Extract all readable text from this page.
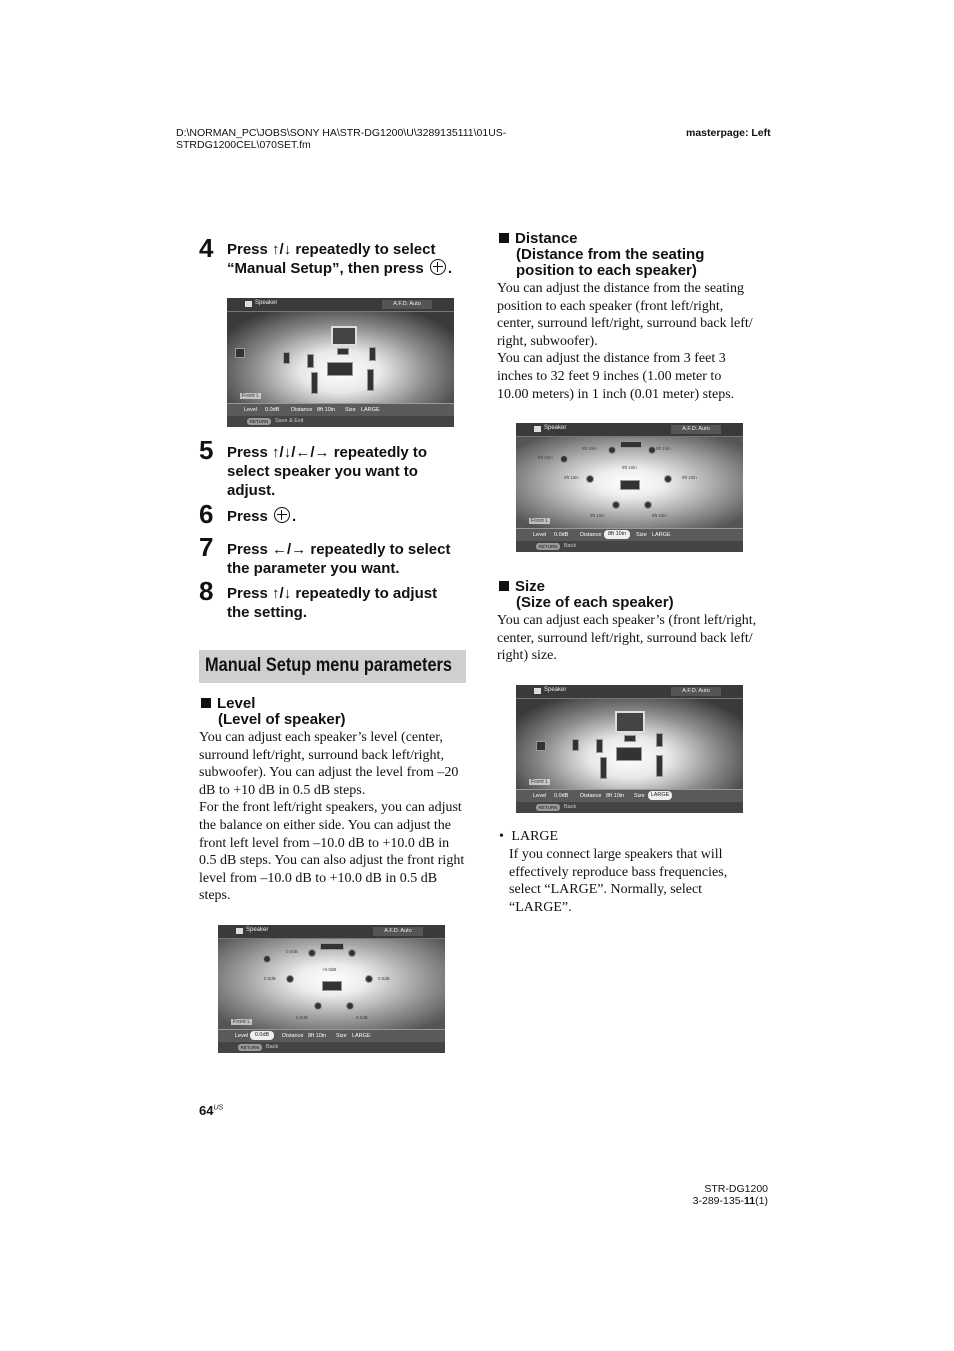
D:\NORMAN_PC\JOBS\SONY HA\STR-DG1200\U\3289135111\01US-
STRDG1200CEL\070SET.fm
masterpage: Left
4 Press ↑/↓ repeatedly to select
“Manual Setup”, then press .
Speaker	A.F.D. Auto
Front L
Level 0.0dB Distance 8ft 10in Size LARGE
RETURN	Save & Exit
5 Press ↑/↓/←/→ repeatedly to
select speaker you want to
adjust.
6 Press .
7 Press ←/→ repeatedly to select
the parameter you want.
8 Press ↑/↓ repeatedly to adjust
the setting.
Manual Setup menu parameters
Level
(Level of speaker)
You can adjust each speaker’s level (center,
surround left/right, surround back left/right,
subwoofer). You can adjust the level from –20
dB to +10 dB in 0.5 dB steps.
For the front left/right speakers, you can adjust
the balance on either side. You can adjust the
front left level from –10.0 dB to +10.0 dB in
0.5 dB steps. You can also adjust the front right
level from –10.0 dB to +10.0 dB in 0.5 dB
steps.
Speaker	A.F.D. Auto
0.0dB
+0.0dB
0.0dB	0.0dB
0.0dB	0.0dB
Front L
Level	0.0dB	Distance 8ft 10in Size LARGE
RETURN	Back
Distance
(Distance from the seating
position to each speaker)
You can adjust the distance from the seating
position to each speaker (front left/right,
center, surround left/right, surround back left/
right, subwoofer).
You can adjust the distance from 3 feet 3
inches to 32 feet 9 inches (1.00 meter to
10.00 meters) in 1 inch (0.01 meter) steps.
Speaker	A.F.D. Auto
9ft 10in	9ft 10in
9ft 10in
9ft 10in
9ft 10in	9ft 10in
9ft 10in	9ft 10in
Front L
Level 0.0dB Distance	8ft 10in	Size LARGE
RETURN	Back
Size
(Size of each speaker)
You can adjust each speaker’s (front left/right,
center, surround left/right, surround back left/
right) size.
Speaker	A.F.D. Auto
Front L
Level 0.0dB Distance 8ft 10in Size	LARGE
RETURN	Back
• LARGE
If you connect large speakers that will
effectively reproduce bass frequencies,
select “LARGE”. Normally, select
“LARGE”.
$64^{US}$
STR-DG1200
3-289-135-11(1)
